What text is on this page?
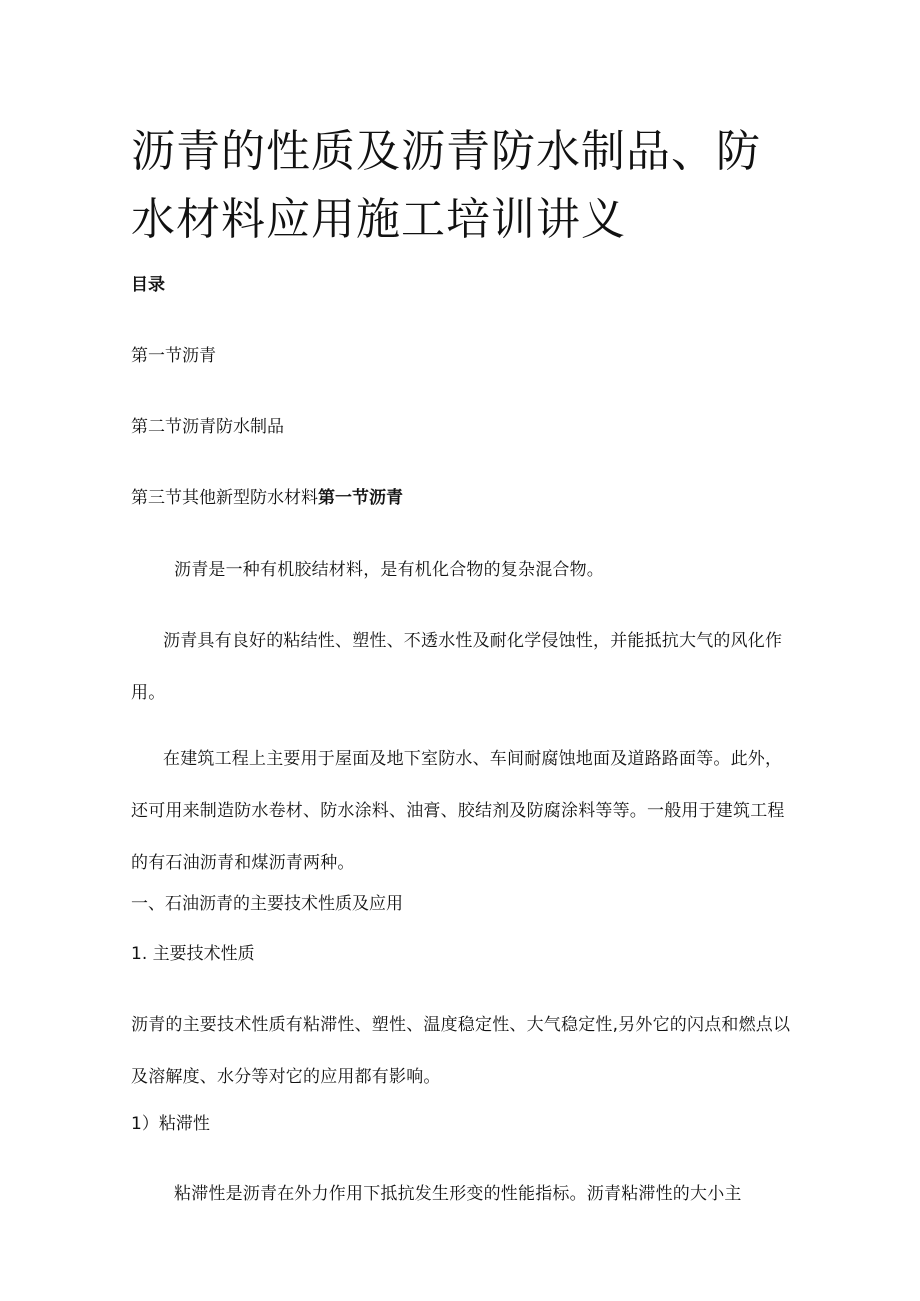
沥青的性质及沥青防水制品、防水材料应用施工培训讲义

目录

第一节沥青

第二节沥青防水制品

第三节其他新型防水材料第一节沥青

沥青是一种有机胶结材料，是有机化合物的复杂混合物。

沥青具有良好的粘结性、塑性、不透水性及耐化学侵蚀性，并能抵抗大气的风化作用。

在建筑工程上主要用于屋面及地下室防水、车间耐腐蚀地面及道路路面等。此外，还可用来制造防水卷材、防水涂料、油膏、胶结剂及防腐涂料等等。一般用于建筑工程的有石油沥青和煤沥青两种。

一、石油沥青的主要技术性质及应用

1. 主要技术性质

沥青的主要技术性质有粘滞性、塑性、温度稳定性、大气稳定性,另外它的闪点和燃点以及溶解度、水分等对它的应用都有影响。

1）粘滞性

粘滞性是沥青在外力作用下抵抗发生形变的性能指标。沥青粘滞性的大小主
